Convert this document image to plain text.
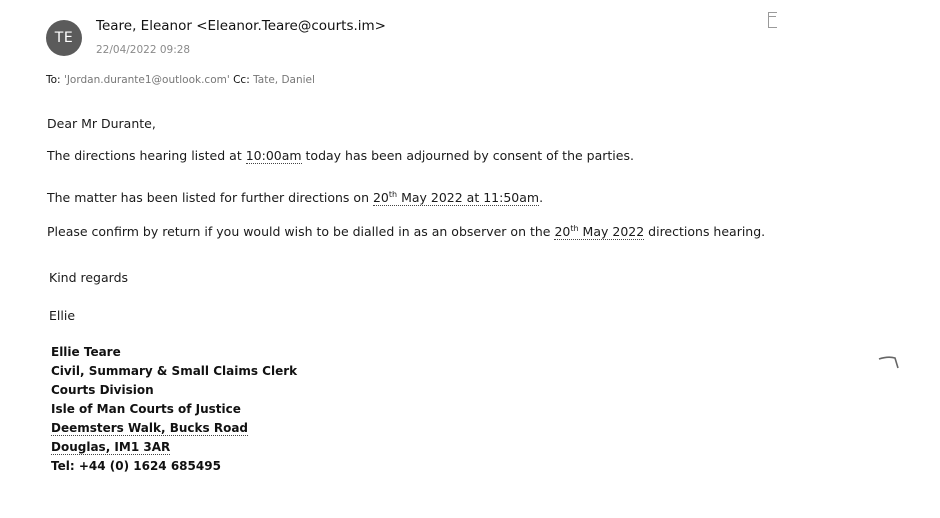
TE
Teare, Eleanor <Eleanor.Teare@courts.im>
22/04/2022 09:28
To: 'Jordan.durante1@outlook.com' Cc: Tate, Daniel

Dear Mr Durante,

The directions hearing listed at 10:00am today has been adjourned by consent of the parties.

The matter has been listed for further directions on 20th May 2022 at 11:50am.

Please confirm by return if you would wish to be dialled in as an observer on the 20th May 2022 directions hearing.

Kind regards

Ellie

Ellie Teare
Civil, Summary & Small Claims Clerk
Courts Division
Isle of Man Courts of Justice
Deemsters Walk, Bucks Road
Douglas, IM1 3AR
Tel: +44 (0) 1624 685495
